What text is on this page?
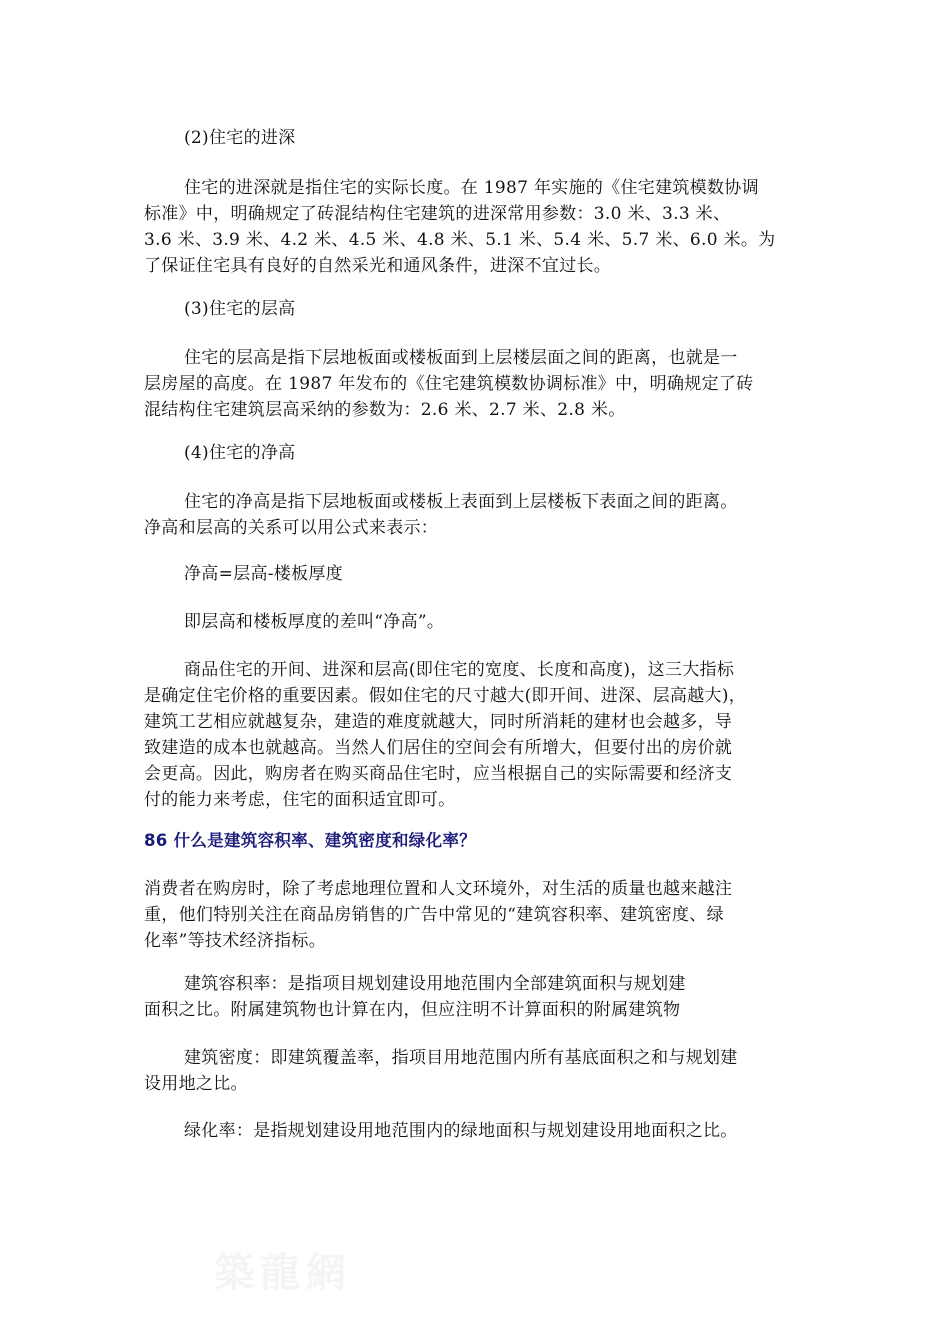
(2)住宅的进深

住宅的进深就是指住宅的实际长度。在 1987 年实施的《住宅建筑模数协调

标准》中，明确规定了砖混结构住宅建筑的进深常用参数：3.0 米、3.3 米、

3.6 米、3.9 米、4.2 米、4.5 米、4.8 米、5.1 米、5.4 米、5.7 米、6.0 米。为

了保证住宅具有良好的自然采光和通风条件，进深不宜过长。

(3)住宅的层高

住宅的层高是指下层地板面或楼板面到上层楼层面之间的距离，也就是一

层房屋的高度。在 1987 年发布的《住宅建筑模数协调标准》中，明确规定了砖

混结构住宅建筑层高采纳的参数为：2.6 米、2.7 米、2.8 米。

(4)住宅的净高

住宅的净高是指下层地板面或楼板上表面到上层楼板下表面之间的距离。

净高和层高的关系可以用公式来表示：

净高=层高-楼板厚度

即层高和楼板厚度的差叫“净高”。

商品住宅的开间、进深和层高(即住宅的宽度、长度和高度)，这三大指标

是确定住宅价格的重要因素。假如住宅的尺寸越大(即开间、进深、层高越大)，

建筑工艺相应就越复杂，建造的难度就越大，同时所消耗的建材也会越多，导

致建造的成本也就越高。当然人们居住的空间会有所增大，但要付出的房价就

会更高。因此，购房者在购买商品住宅时，应当根据自己的实际需要和经济支

付的能力来考虑，住宅的面积适宜即可。

86 什么是建筑容积率、建筑密度和绿化率？

消费者在购房时，除了考虑地理位置和人文环境外，对生活的质量也越来越注

重，他们特别关注在商品房销售的广告中常见的“建筑容积率、建筑密度、绿

化率”等技术经济指标。

建筑容积率：是指项目规划建设用地范围内全部建筑面积与规划建

面积之比。附属建筑物也计算在内，但应注明不计算面积的附属建筑物

建筑密度：即建筑覆盖率，指项目用地范围内所有基底面积之和与规划建

设用地之比。

绿化率：是指规划建设用地范围内的绿地面积与规划建设用地面积之比。

築龍網
